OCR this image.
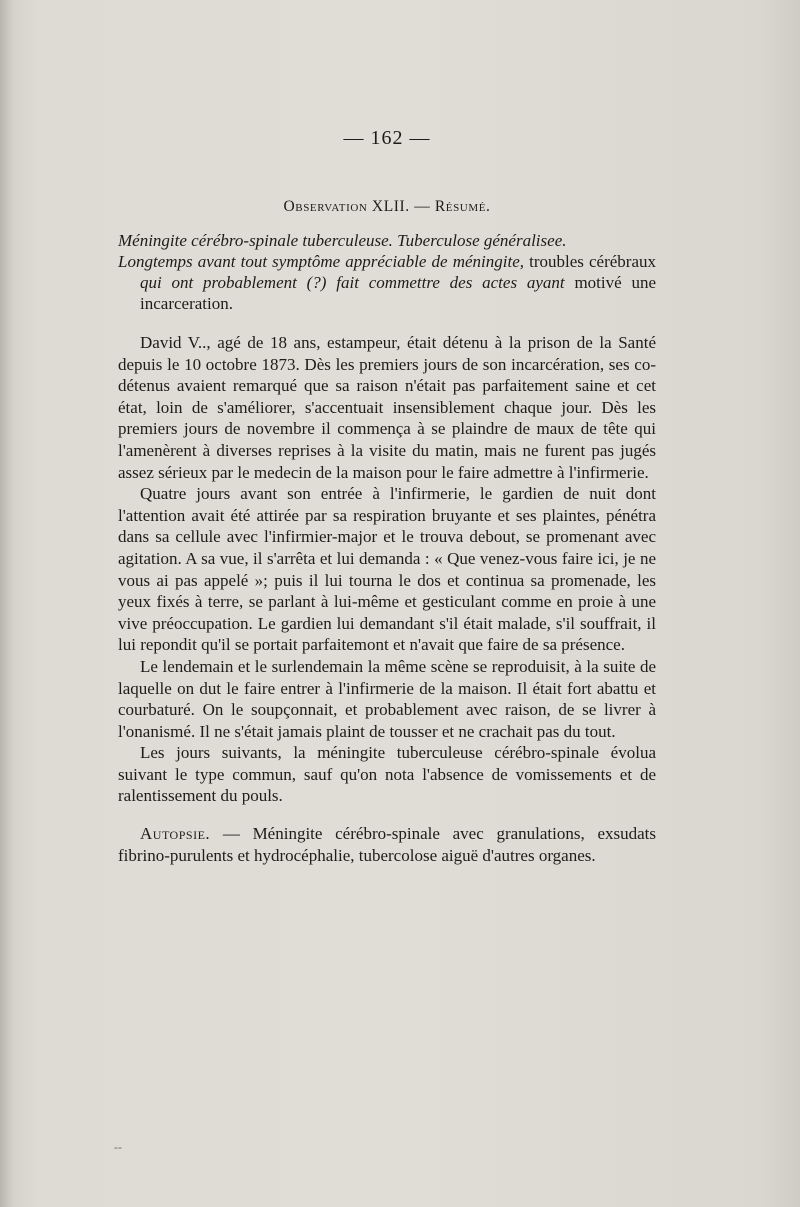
— 162 —
Observation XLII. — Résumé.

Méningite cérébro-spinale tuberculeuse. Tuberculose généralisee.

Longtemps avant tout symptôme appréciable de méningite, troubles cérébraux qui ont probablement (?) fait commettre des actes ayant motivé une incarceration.

David V.., agé de 18 ans, estampeur, était détenu à la prison de la Santé depuis le 10 octobre 1873. Dès les premiers jours de son incarcération, ses co-détenus avaient remarqué que sa raison n'était pas parfaitement saine et cet état, loin de s'améliorer, s'accentuait insensiblement chaque jour. Dès les premiers jours de novembre il commença à se plaindre de maux de tête qui l'amenèrent à diverses reprises à la visite du matin, mais ne furent pas jugés assez sérieux par le medecin de la maison pour le faire admettre à l'infirmerie.

Quatre jours avant son entrée à l'infirmerie, le gardien de nuit dont l'attention avait été attirée par sa respiration bruyante et ses plaintes, pénétra dans sa cellule avec l'infirmier-major et le trouva debout, se promenant avec agitation. A sa vue, il s'arrêta et lui demanda : « Que venez-vous faire ici, je ne vous ai pas appelé »; puis il lui tourna le dos et continua sa promenade, les yeux fixés à terre, se parlant à lui-même et gesticulant comme en proie à une vive préoccupation. Le gardien lui demandant s'il était malade, s'il souffrait, il lui repondit qu'il se portait parfaitemont et n'avait que faire de sa présence.

Le lendemain et le surlendemain la même scène se reproduisit, à la suite de laquelle on dut le faire entrer à l'infirmerie de la maison. Il était fort abattu et courbaturé. On le soupçonnait, et probablement avec raison, de se livrer à l'onanismé. Il ne s'était jamais plaint de tousser et ne crachait pas du tout.

Les jours suivants, la méningite tuberculeuse cérébro-spinale évolua suivant le type commun, sauf qu'on nota l'absence de vomissements et de ralentissement du pouls.

Autopsie. — Méningite cérébro-spinale avec granulations, exsudats fibrino-purulents et hydrocéphalie, tubercolose aiguë d'autres organes.

--
